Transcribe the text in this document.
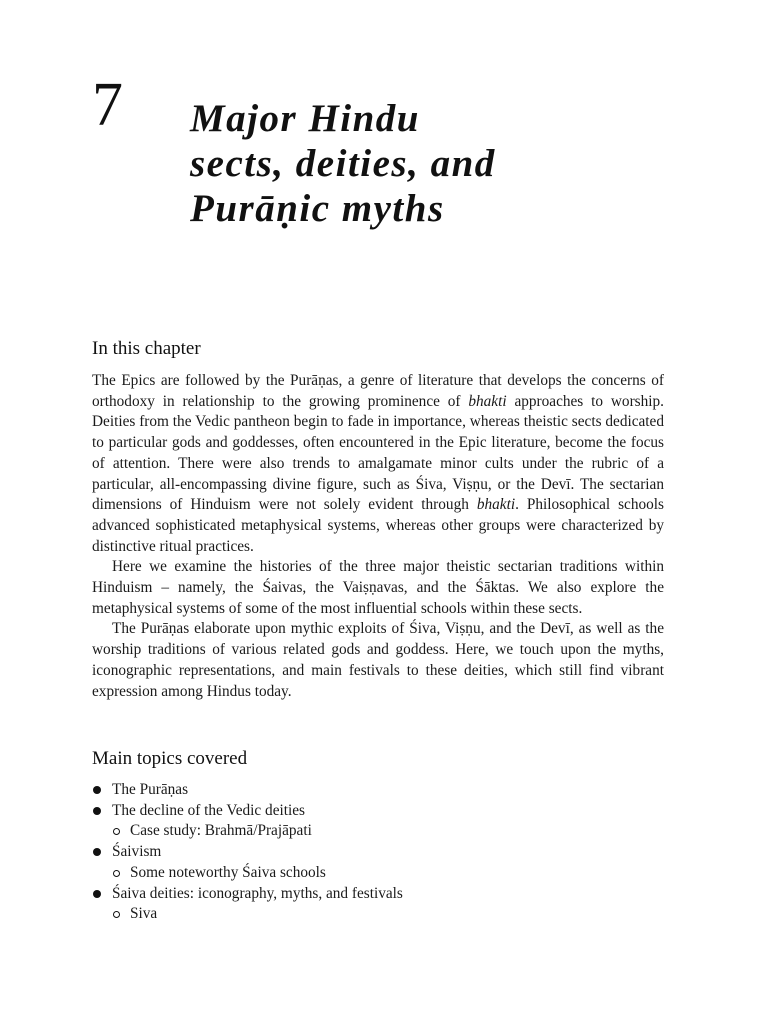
7 Major Hindu
sects, deities, and
Purāṇic myths
In this chapter

The Epics are followed by the Purāṇas, a genre of literature that develops the concerns of orthodoxy in relationship to the growing prominence of bhakti approaches to worship. Deities from the Vedic pantheon begin to fade in importance, whereas theistic sects dedicated to particular gods and goddesses, often encountered in the Epic literature, become the focus of attention. There were also trends to amalgamate minor cults under the rubric of a particular, all-encompassing divine figure, such as Śiva, Viṣṇu, or the Devī. The sectarian dimensions of Hinduism were not solely evident through bhakti. Philosophical schools advanced sophisticated metaphysical systems, whereas other groups were characterized by distinctive ritual practices.

Here we examine the histories of the three major theistic sectarian traditions within Hinduism – namely, the Śaivas, the Vaiṣṇavas, and the Śāktas. We also explore the metaphysical systems of some of the most influential schools within these sects.

The Purāṇas elaborate upon mythic exploits of Śiva, Viṣṇu, and the Devī, as well as the worship traditions of various related gods and goddess. Here, we touch upon the myths, iconographic representations, and main festivals to these deities, which still find vibrant expression among Hindus today.

Main topics covered
The Purāṇas
The decline of the Vedic deities
Case study: Brahmā/Prajāpati
Śaivism
Some noteworthy Śaiva schools
Śaiva deities: iconography, myths, and festivals
Siva
